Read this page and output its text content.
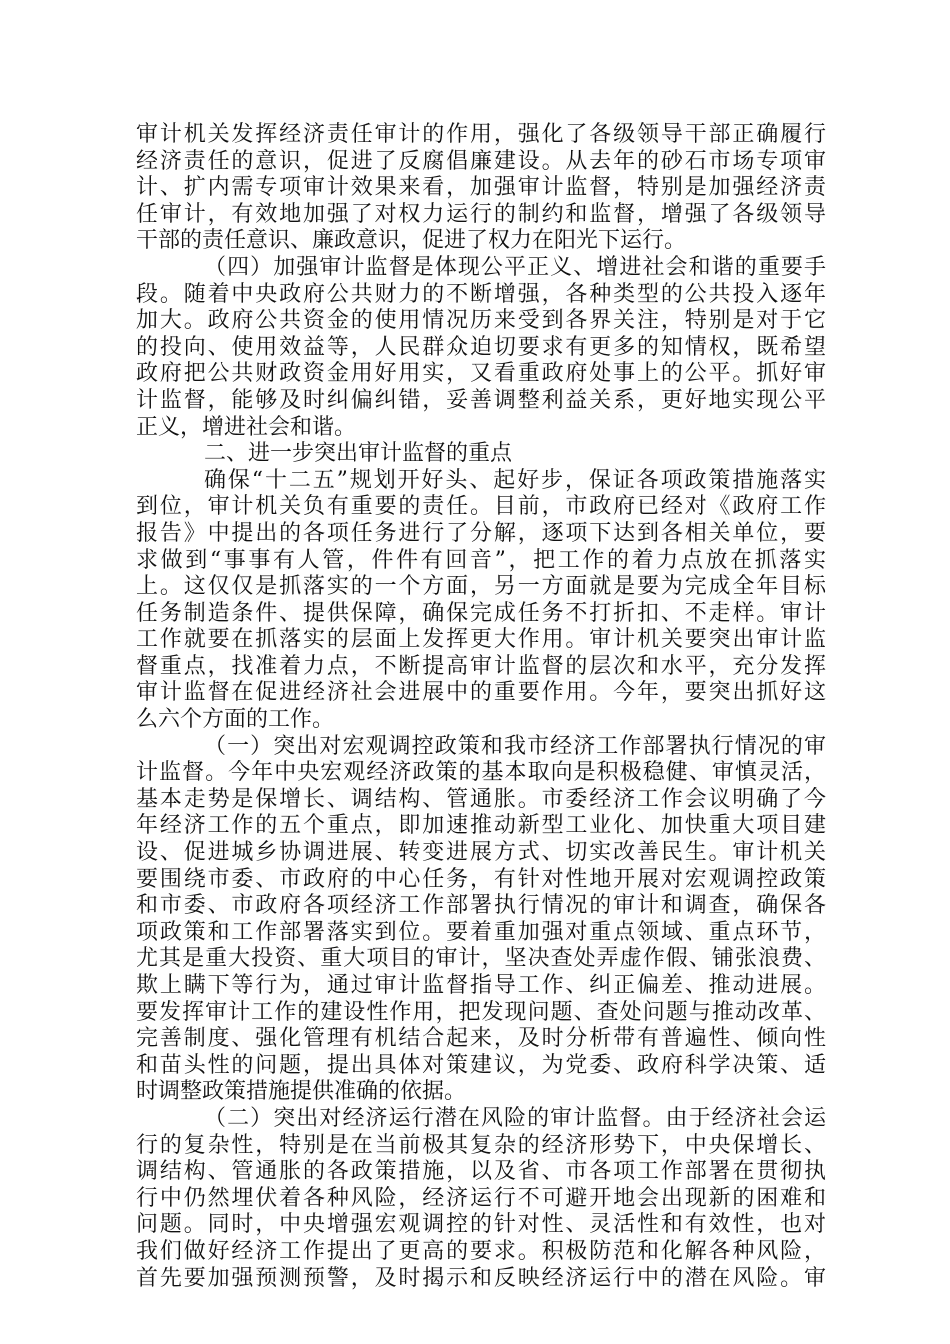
审计机关发挥经济责任审计的作用，强化了各级领导干部正确履行
经济责任的意识，促进了反腐倡廉建设。从去年的砂石市场专项审
计、扩内需专项审计效果来看，加强审计监督，特别是加强经济责
任审计，有效地加强了对权力运行的制约和监督，增强了各级领导
干部的责任意识、廉政意识，促进了权力在阳光下运行。
（四）加强审计监督是体现公平正义、增进社会和谐的重要手
段。随着中央政府公共财力的不断增强，各种类型的公共投入逐年
加大。政府公共资金的使用情况历来受到各界关注，特别是对于它
的投向、使用效益等，人民群众迫切要求有更多的知情权，既希望
政府把公共财政资金用好用实，又看重政府处事上的公平。抓好审
计监督，能够及时纠偏纠错，妥善调整利益关系，更好地实现公平
正义，增进社会和谐。
二、进一步突出审计监督的重点
确保“十二五”规划开好头、起好步，保证各项政策措施落实
到位，审计机关负有重要的责任。目前，市政府已经对《政府工作
报告》中提出的各项任务进行了分解，逐项下达到各相关单位，要
求做到“事事有人管，件件有回音”，把工作的着力点放在抓落实
上。这仅仅是抓落实的一个方面，另一方面就是要为完成全年目标
任务制造条件、提供保障，确保完成任务不打折扣、不走样。审计
工作就要在抓落实的层面上发挥更大作用。审计机关要突出审计监
督重点，找准着力点，不断提高审计监督的层次和水平，充分发挥
审计监督在促进经济社会进展中的重要作用。今年，要突出抓好这
么六个方面的工作。
（一）突出对宏观调控政策和我市经济工作部署执行情况的审
计监督。今年中央宏观经济政策的基本取向是积极稳健、审慎灵活，
基本走势是保增长、调结构、管通胀。市委经济工作会议明确了今
年经济工作的五个重点，即加速推动新型工业化、加快重大项目建
设、促进城乡协调进展、转变进展方式、切实改善民生。审计机关
要围绕市委、市政府的中心任务，有针对性地开展对宏观调控政策
和市委、市政府各项经济工作部署执行情况的审计和调查，确保各
项政策和工作部署落实到位。要着重加强对重点领域、重点环节，
尤其是重大投资、重大项目的审计，坚决查处弄虚作假、铺张浪费、
欺上瞒下等行为，通过审计监督指导工作、纠正偏差、推动进展。
要发挥审计工作的建设性作用，把发现问题、查处问题与推动改革、
完善制度、强化管理有机结合起来，及时分析带有普遍性、倾向性
和苗头性的问题，提出具体对策建议，为党委、政府科学决策、适
时调整政策措施提供准确的依据。
（二）突出对经济运行潜在风险的审计监督。由于经济社会运
行的复杂性，特别是在当前极其复杂的经济形势下，中央保增长、
调结构、管通胀的各政策措施，以及省、市各项工作部署在贯彻执
行中仍然埋伏着各种风险，经济运行不可避开地会出现新的困难和
问题。同时，中央增强宏观调控的针对性、灵活性和有效性，也对
我们做好经济工作提出了更高的要求。积极防范和化解各种风险，
首先要加强预测预警，及时揭示和反映经济运行中的潜在风险。审
